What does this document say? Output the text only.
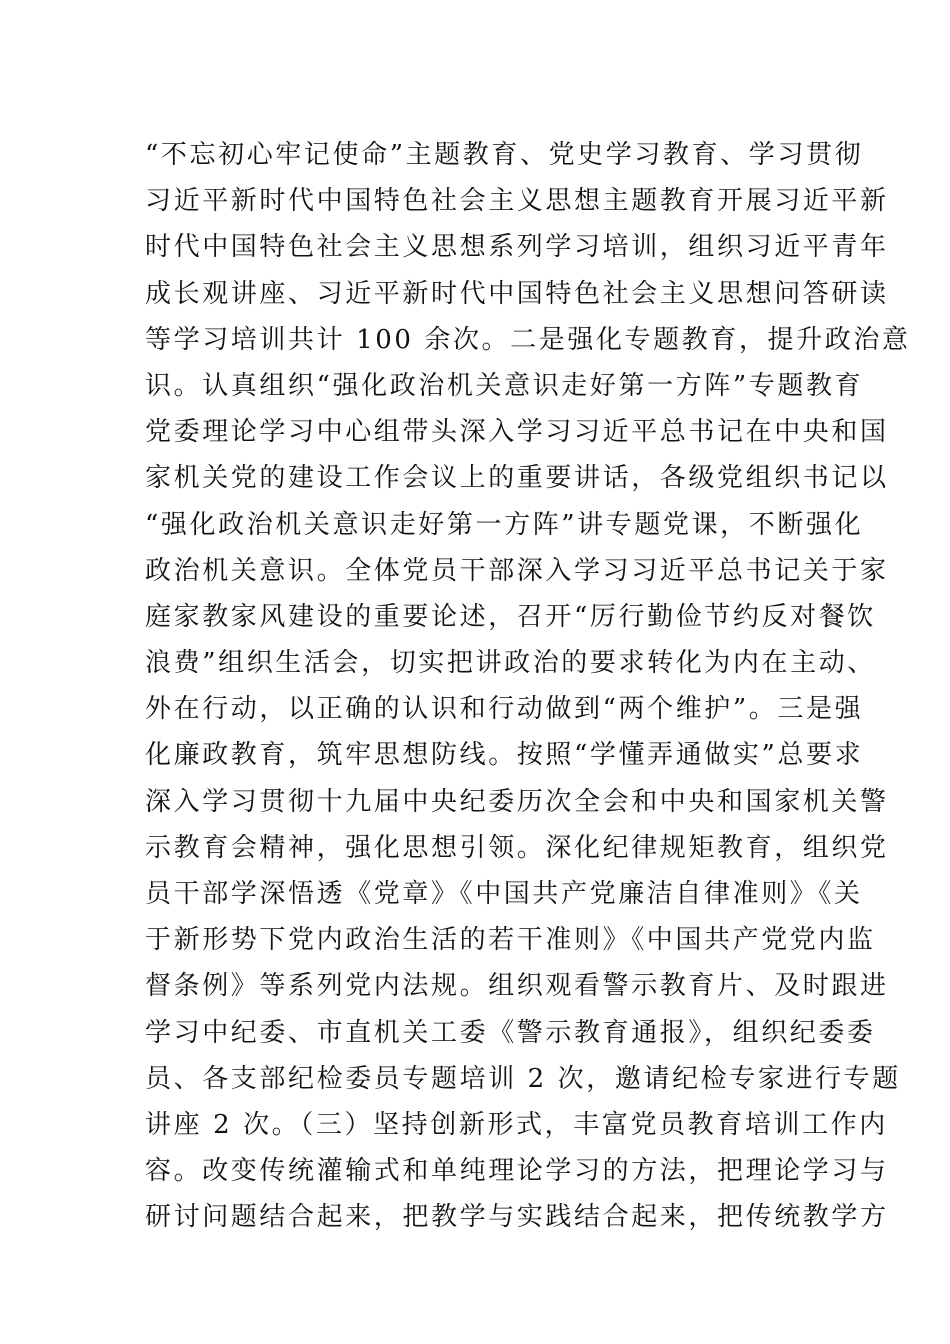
“不忘初心牢记使命”主题教育、党史学习教育、学习贯彻
习近平新时代中国特色社会主义思想主题教育开展习近平新
时代中国特色社会主义思想系列学习培训，组织习近平青年
成长观讲座、习近平新时代中国特色社会主义思想问答研读
等学习培训共计 100 余次。二是强化专题教育，提升政治意
识。认真组织“强化政治机关意识走好第一方阵”专题教育
党委理论学习中心组带头深入学习习近平总书记在中央和国
家机关党的建设工作会议上的重要讲话，各级党组织书记以
“强化政治机关意识走好第一方阵”讲专题党课，不断强化
政治机关意识。全体党员干部深入学习习近平总书记关于家
庭家教家风建设的重要论述，召开“厉行勤俭节约反对餐饮
浪费”组织生活会，切实把讲政治的要求转化为内在主动、
外在行动，以正确的认识和行动做到“两个维护”。三是强
化廉政教育，筑牢思想防线。按照“学懂弄通做实”总要求
深入学习贯彻十九届中央纪委历次全会和中央和国家机关警
示教育会精神，强化思想引领。深化纪律规矩教育，组织党
员干部学深悟透《党章》《中国共产党廉洁自律准则》《关
于新形势下党内政治生活的若干准则》《中国共产党党内监
督条例》等系列党内法规。组织观看警示教育片、及时跟进
学习中纪委、市直机关工委《警示教育通报》，组织纪委委
员、各支部纪检委员专题培训 2 次，邀请纪检专家进行专题
讲座 2 次。（三）坚持创新形式，丰富党员教育培训工作内
容。改变传统灌输式和单纯理论学习的方法，把理论学习与
研讨问题结合起来，把教学与实践结合起来，把传统教学方
